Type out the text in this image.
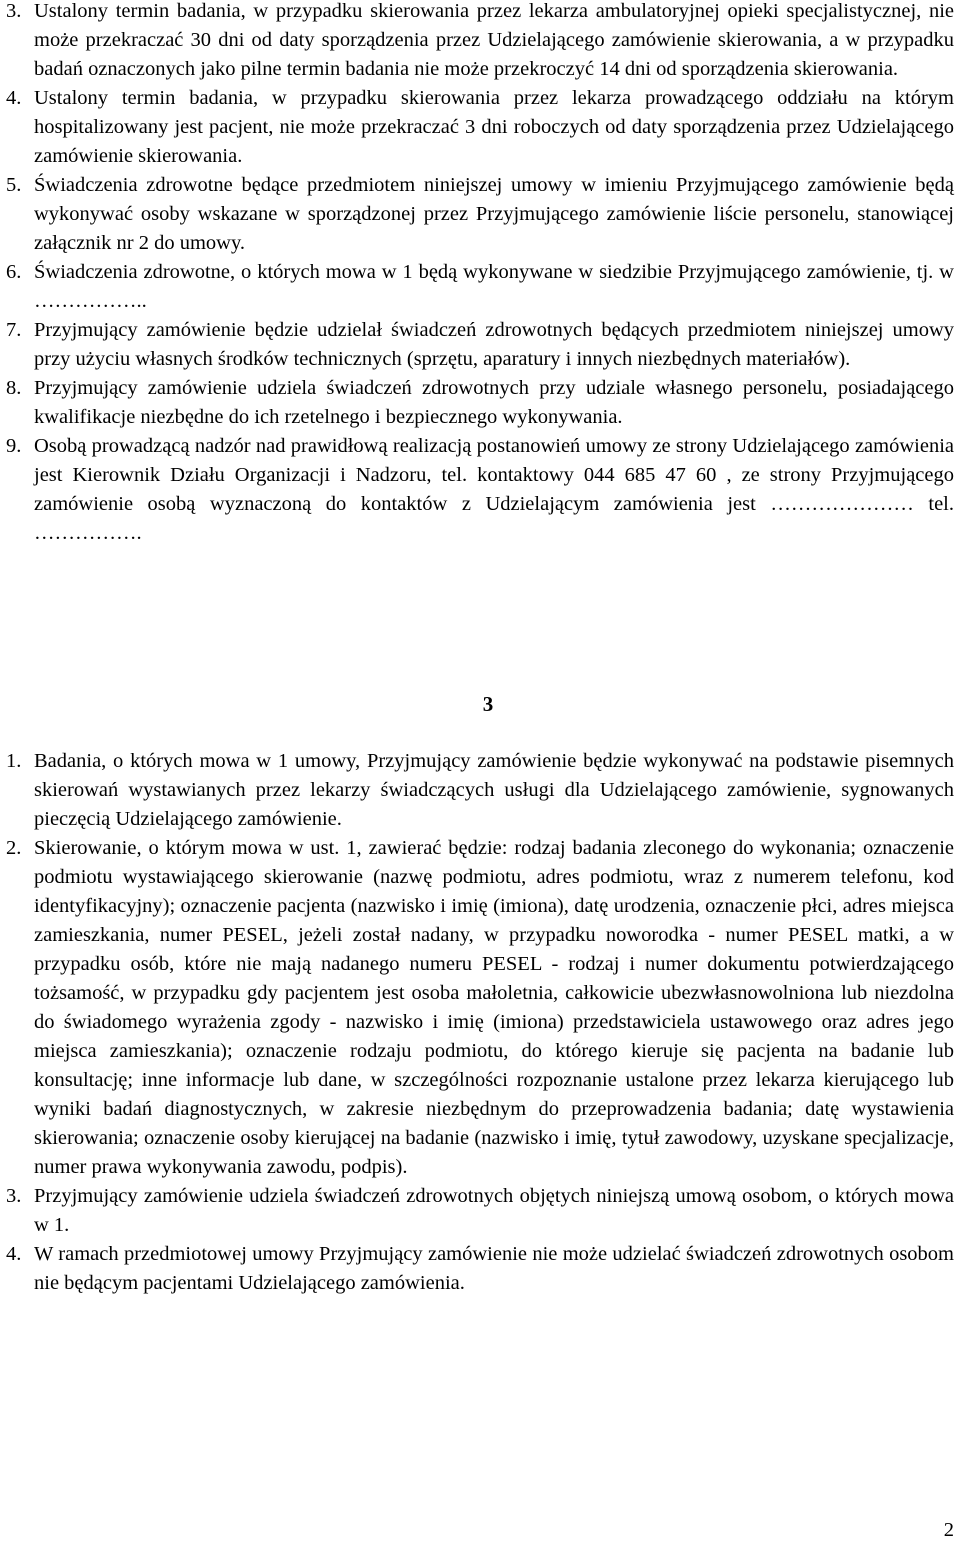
3. Ustalony termin badania, w przypadku skierowania przez lekarza ambulatoryjnej opieki specjalistycznej, nie może przekraczać 30 dni od daty sporządzenia przez Udzielającego zamówienie skierowania, a w przypadku badań oznaczonych jako pilne termin badania nie może przekroczyć 14 dni od sporządzenia skierowania.
4. Ustalony termin badania, w przypadku skierowania przez lekarza prowadzącego oddziału na którym hospitalizowany jest pacjent, nie może przekraczać 3 dni roboczych od daty sporządzenia przez Udzielającego zamówienie skierowania.
5. Świadczenia zdrowotne będące przedmiotem niniejszej umowy w imieniu Przyjmującego zamówienie będą wykonywać osoby wskazane w sporządzonej przez Przyjmującego zamówienie liście personelu, stanowiącej załącznik nr 2 do umowy.
6. Świadczenia zdrowotne, o których mowa w 1 będą wykonywane w siedzibie Przyjmującego zamówienie, tj. w ……………..
7. Przyjmujący zamówienie będzie udzielał świadczeń zdrowotnych będących przedmiotem niniejszej umowy przy użyciu własnych środków technicznych (sprzętu, aparatury i innych niezbędnych materiałów).
8. Przyjmujący zamówienie udziela świadczeń zdrowotnych przy udziale własnego personelu, posiadającego kwalifikacje niezbędne do ich rzetelnego i bezpiecznego wykonywania.
9. Osobą prowadzącą nadzór nad prawidłową realizacją postanowień umowy ze strony Udzielającego zamówienia jest Kierownik Działu Organizacji i Nadzoru, tel. kontaktowy 044 685 47 60 , ze strony Przyjmującego zamówienie osobą wyznaczoną do kontaktów z Udzielającym zamówienia jest ………………… tel. …………….
3
1. Badania, o których mowa w 1 umowy, Przyjmujący zamówienie będzie wykonywać na podstawie pisemnych skierowań wystawianych przez lekarzy świadczących usługi dla Udzielającego zamówienie, sygnowanych pieczęcią Udzielającego zamówienie.
2. Skierowanie, o którym mowa w ust. 1, zawierać będzie: rodzaj badania zleconego do wykonania; oznaczenie podmiotu wystawiającego skierowanie (nazwę podmiotu, adres podmiotu, wraz z numerem telefonu, kod identyfikacyjny); oznaczenie pacjenta (nazwisko i imię (imiona), datę urodzenia, oznaczenie płci, adres miejsca zamieszkania, numer PESEL, jeżeli został nadany, w przypadku noworodka - numer PESEL matki, a w przypadku osób, które nie mają nadanego numeru PESEL - rodzaj i numer dokumentu potwierdzającego tożsamość, w przypadku gdy pacjentem jest osoba małoletnia, całkowicie ubezwłasnowolniona lub niezdolna do świadomego wyrażenia zgody - nazwisko i imię (imiona) przedstawiciela ustawowego oraz adres jego miejsca zamieszkania); oznaczenie rodzaju podmiotu, do którego kieruje się pacjenta na badanie lub konsultację; inne informacje lub dane, w szczególności rozpoznanie ustalone przez lekarza kierującego lub wyniki badań diagnostycznych, w zakresie niezbędnym do przeprowadzenia badania; datę wystawienia skierowania; oznaczenie osoby kierującej na badanie (nazwisko i imię, tytuł zawodowy, uzyskane specjalizacje, numer prawa wykonywania zawodu, podpis).
3. Przyjmujący zamówienie udziela świadczeń zdrowotnych objętych niniejszą umową osobom, o których mowa w 1.
4. W ramach przedmiotowej umowy Przyjmujący zamówienie nie może udzielać świadczeń zdrowotnych osobom nie będącym pacjentami Udzielającego zamówienia.
2
